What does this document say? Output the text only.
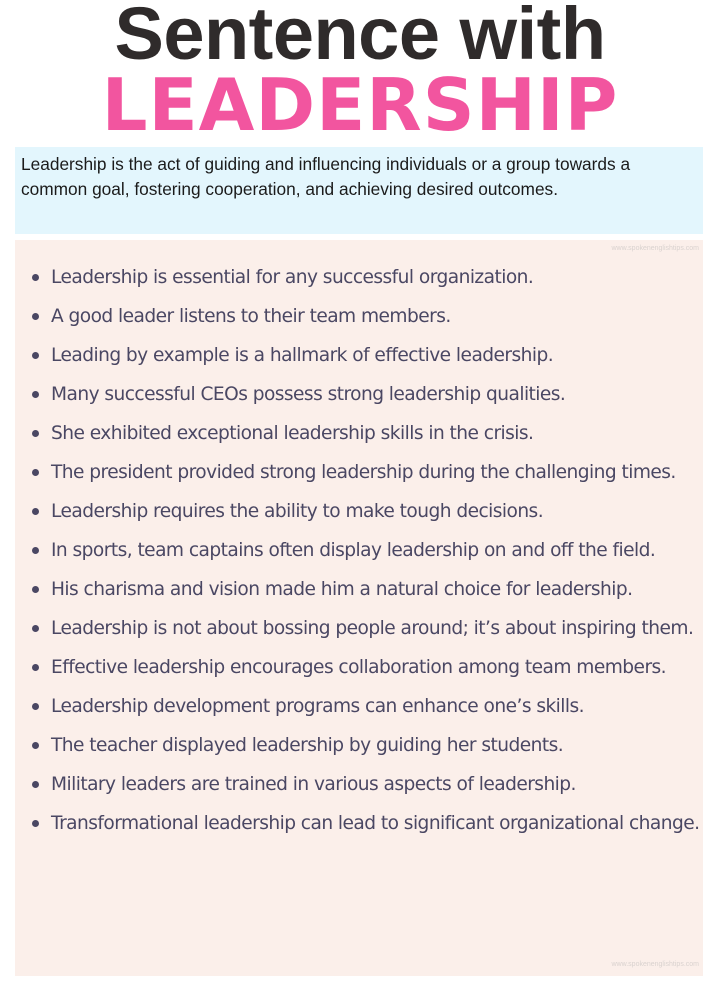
Sentence with
LEADERSHIP

Leadership is the act of guiding and influencing individuals or a group towards a common goal, fostering cooperation, and achieving desired outcomes.

www.spokenenglishtips.com
Leadership is essential for any successful organization.
A good leader listens to their team members.
Leading by example is a hallmark of effective leadership.
Many successful CEOs possess strong leadership qualities.
She exhibited exceptional leadership skills in the crisis.
The president provided strong leadership during the challenging times.
Leadership requires the ability to make tough decisions.
In sports, team captains often display leadership on and off the field.
His charisma and vision made him a natural choice for leadership.
Leadership is not about bossing people around; it’s about inspiring them.
Effective leadership encourages collaboration among team members.
Leadership development programs can enhance one’s skills.
The teacher displayed leadership by guiding her students.
Military leaders are trained in various aspects of leadership.
Transformational leadership can lead to significant organizational change.
www.spokenenglishtips.com
